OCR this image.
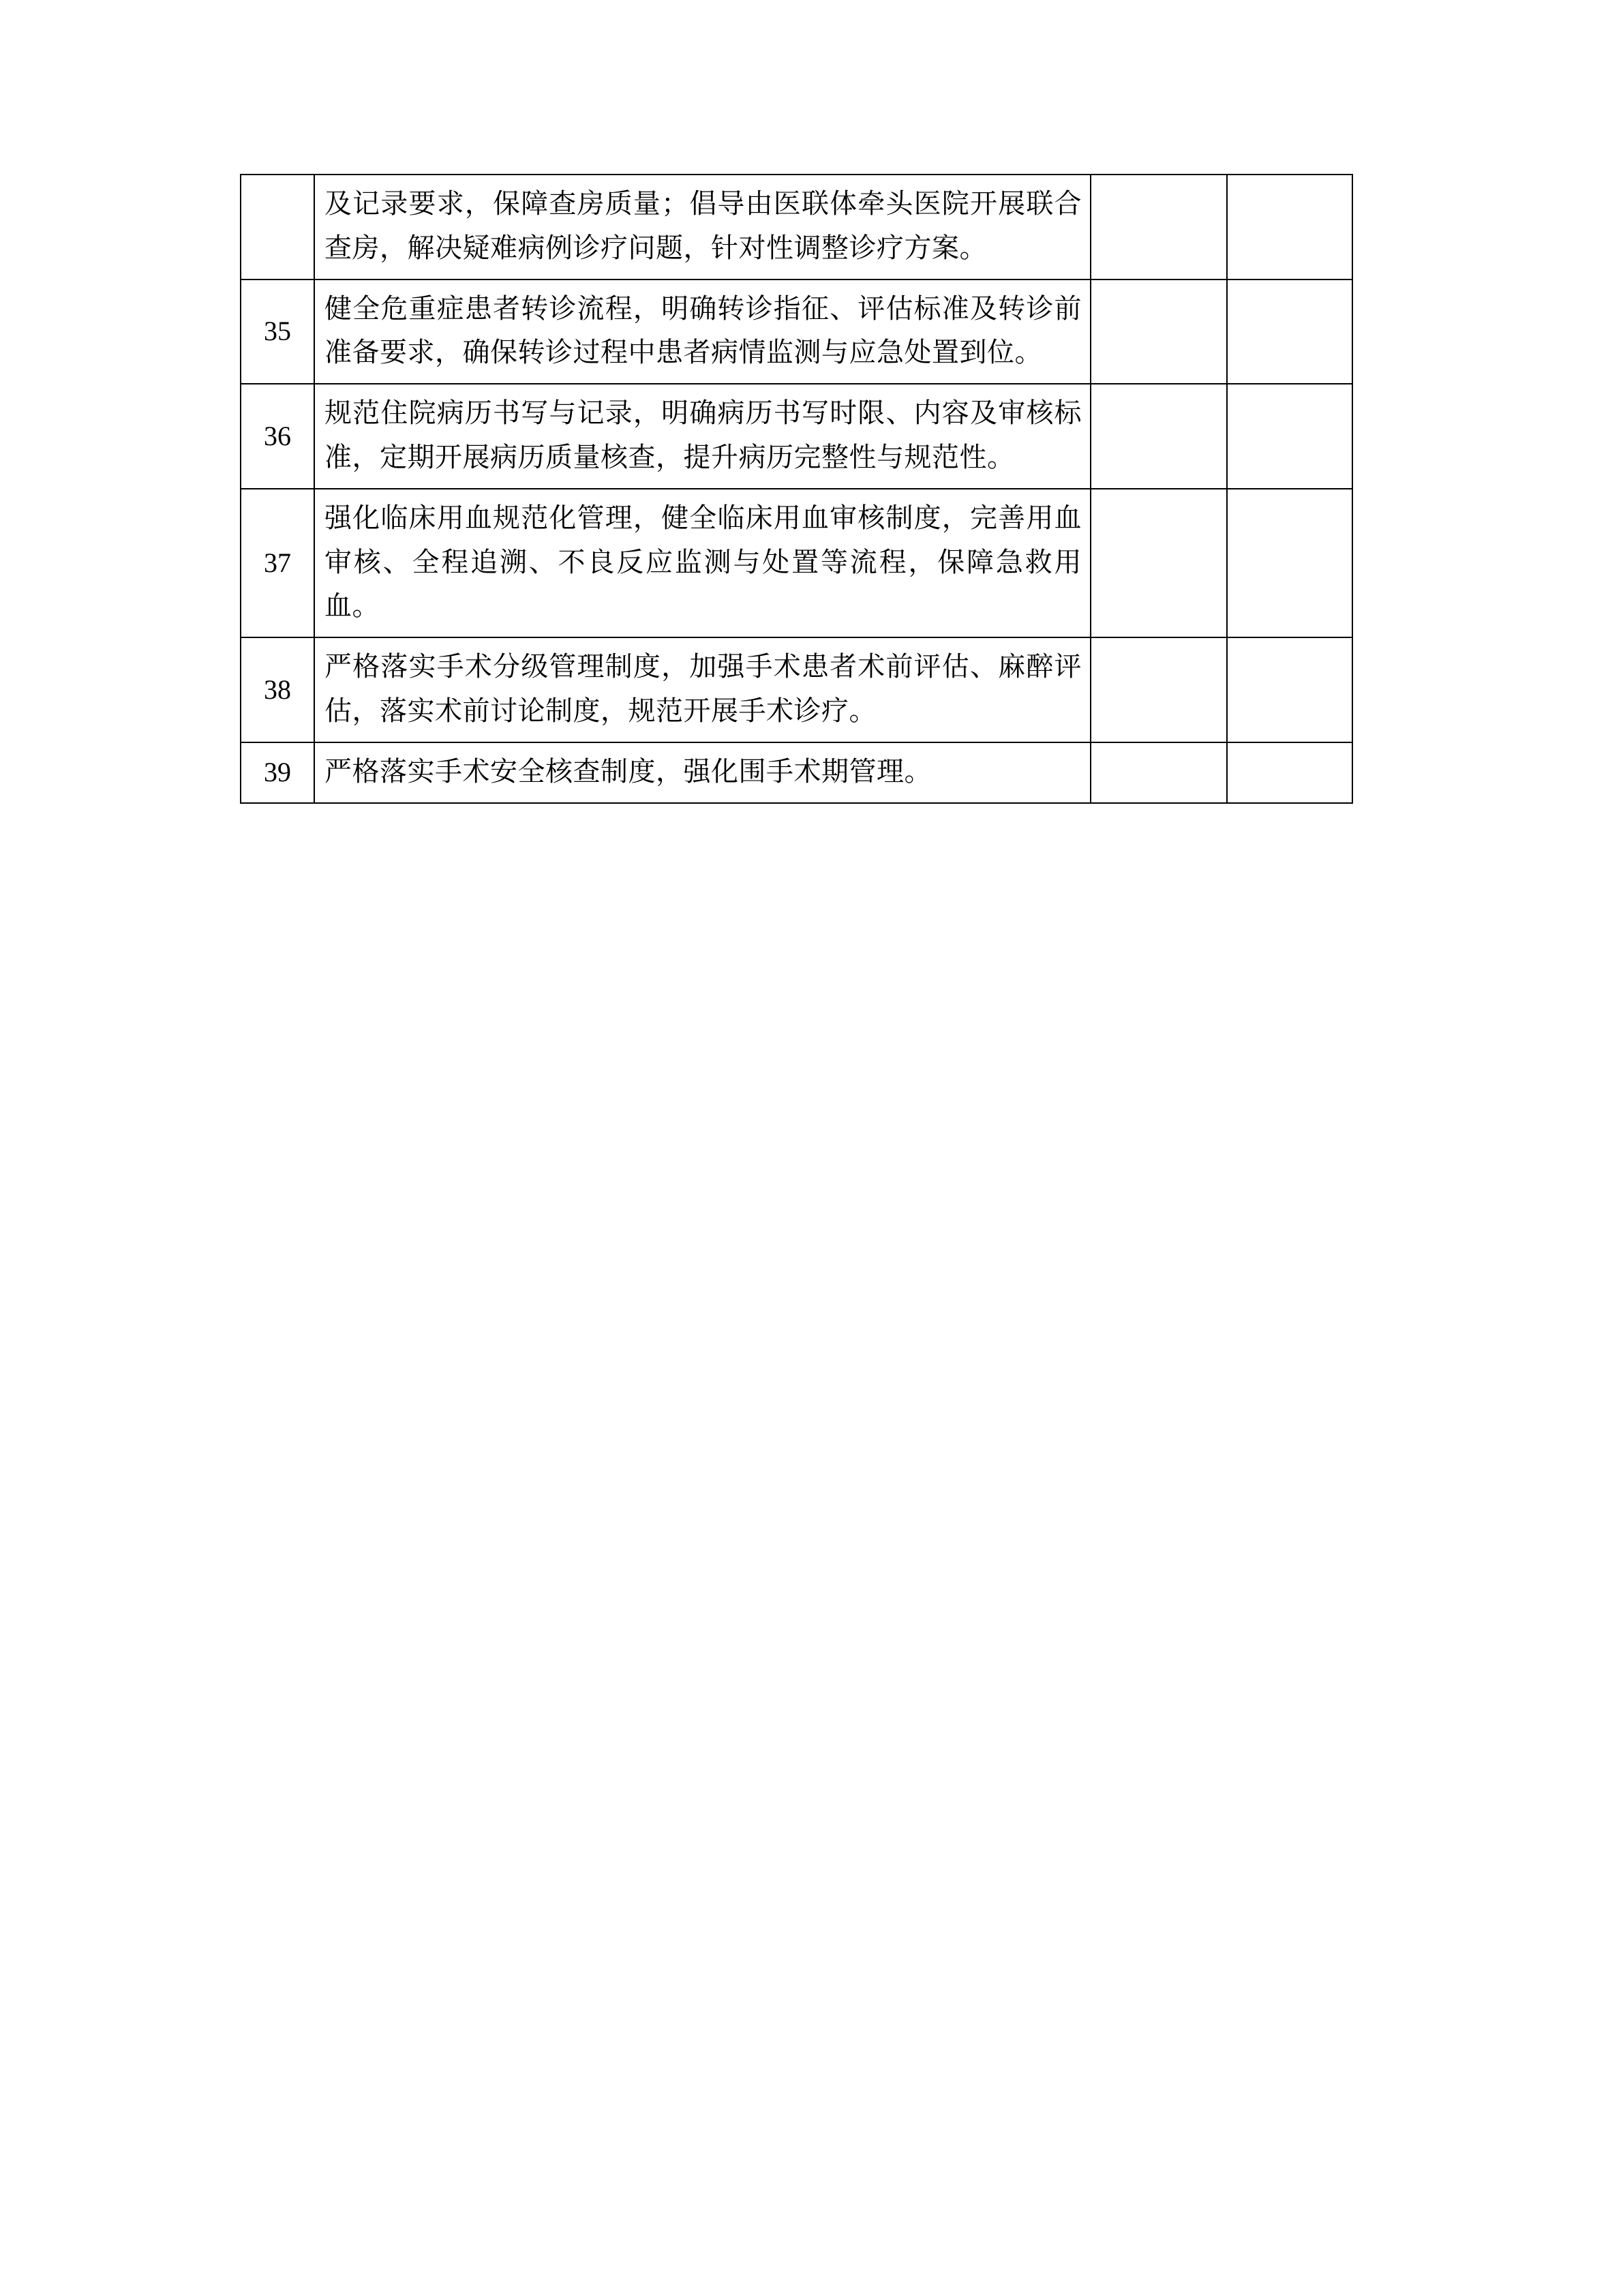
	及记录要求，保障查房质量；倡导由医联体牵头医院开展联合查房，解决疑难病例诊疗问题，针对性调整诊疗方案。		
35	健全危重症患者转诊流程，明确转诊指征、评估标准及转诊前准备要求，确保转诊过程中患者病情监测与应急处置到位。		
36	规范住院病历书写与记录，明确病历书写时限、内容及审核标准，定期开展病历质量核查，提升病历完整性与规范性。		
37	强化临床用血规范化管理，健全临床用血审核制度，完善用血审核、全程追溯、不良反应监测与处置等流程，保障急救用血。		
38	严格落实手术分级管理制度，加强手术患者术前评估、麻醉评估，落实术前讨论制度，规范开展手术诊疗。		
39	严格落实手术安全核查制度，强化围手术期管理。		
